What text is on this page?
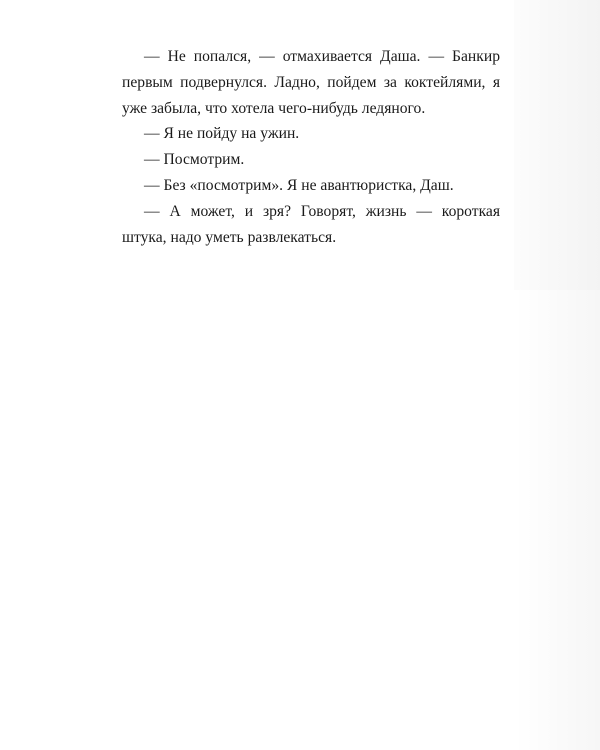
— Не попался, — отмахивается Даша. — Банкир первым подвернулся. Ладно, пойдем за коктейлями, я уже забыла, что хотела чего-нибудь ледяного.

— Я не пойду на ужин.

— Посмотрим.

— Без «посмотрим». Я не авантюристка, Даш.

— А может, и зря? Говорят, жизнь — короткая штука, надо уметь развлекаться.
